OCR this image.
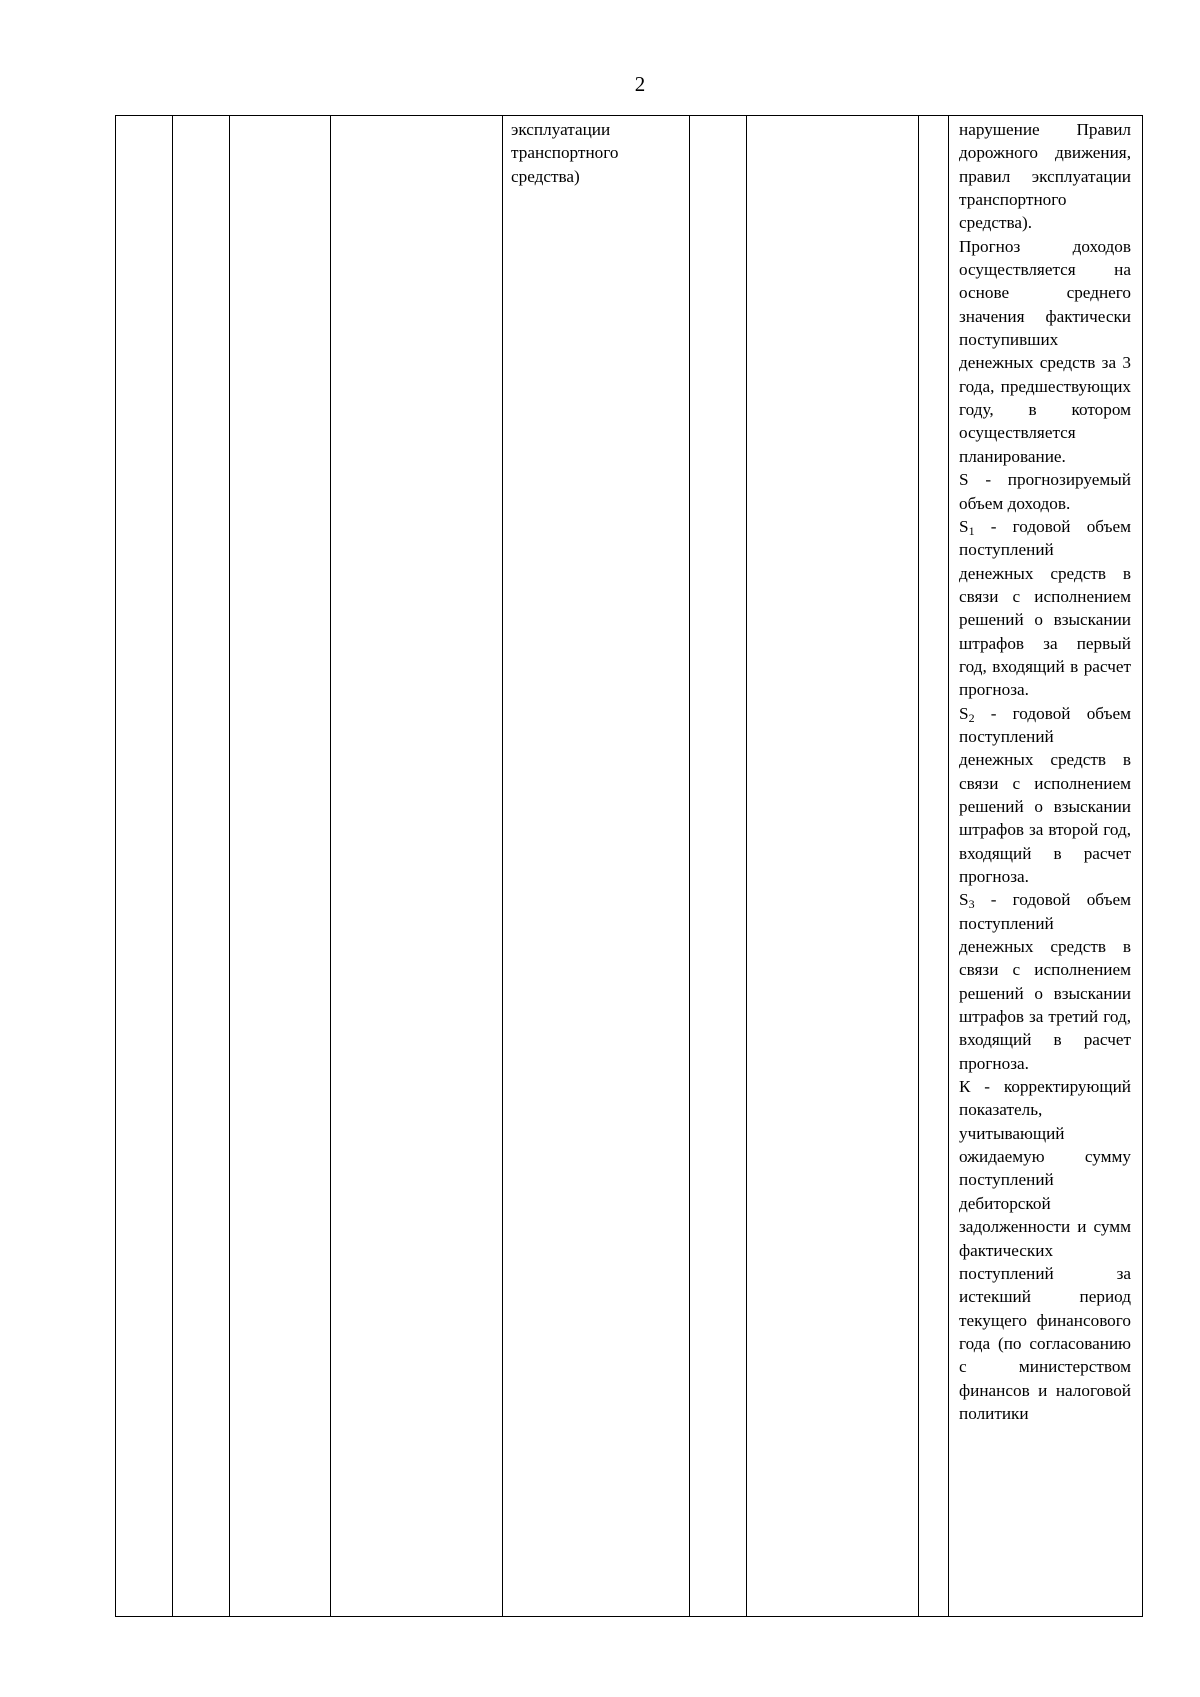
2

эксплуатации транспортного средства)

нарушение Правил дорожного движения, правил эксплуатации транспортного средства).
Прогноз доходов осуществляется на основе среднего значения фактически поступивших денежных средств за 3 года, предшествующих году, в котором осуществляется планирование.
S - прогнозируемый объем доходов.
$S_1$ - годовой объем поступлений денежных средств в связи с исполнением решений о взыскании штрафов за первый год, входящий в расчет прогноза.
$S_2$ - годовой объем поступлений денежных средств в связи с исполнением решений о взыскании штрафов за второй год, входящий в расчет прогноза.
$S_3$ - годовой объем поступлений денежных средств в связи с исполнением решений о взыскании штрафов за третий год, входящий в расчет прогноза.
К - корректирующий показатель, учитывающий ожидаемую сумму поступлений дебиторской задолженности и сумм фактических поступлений за истекший период текущего финансового года (по согласованию с министерством финансов и налоговой политики
